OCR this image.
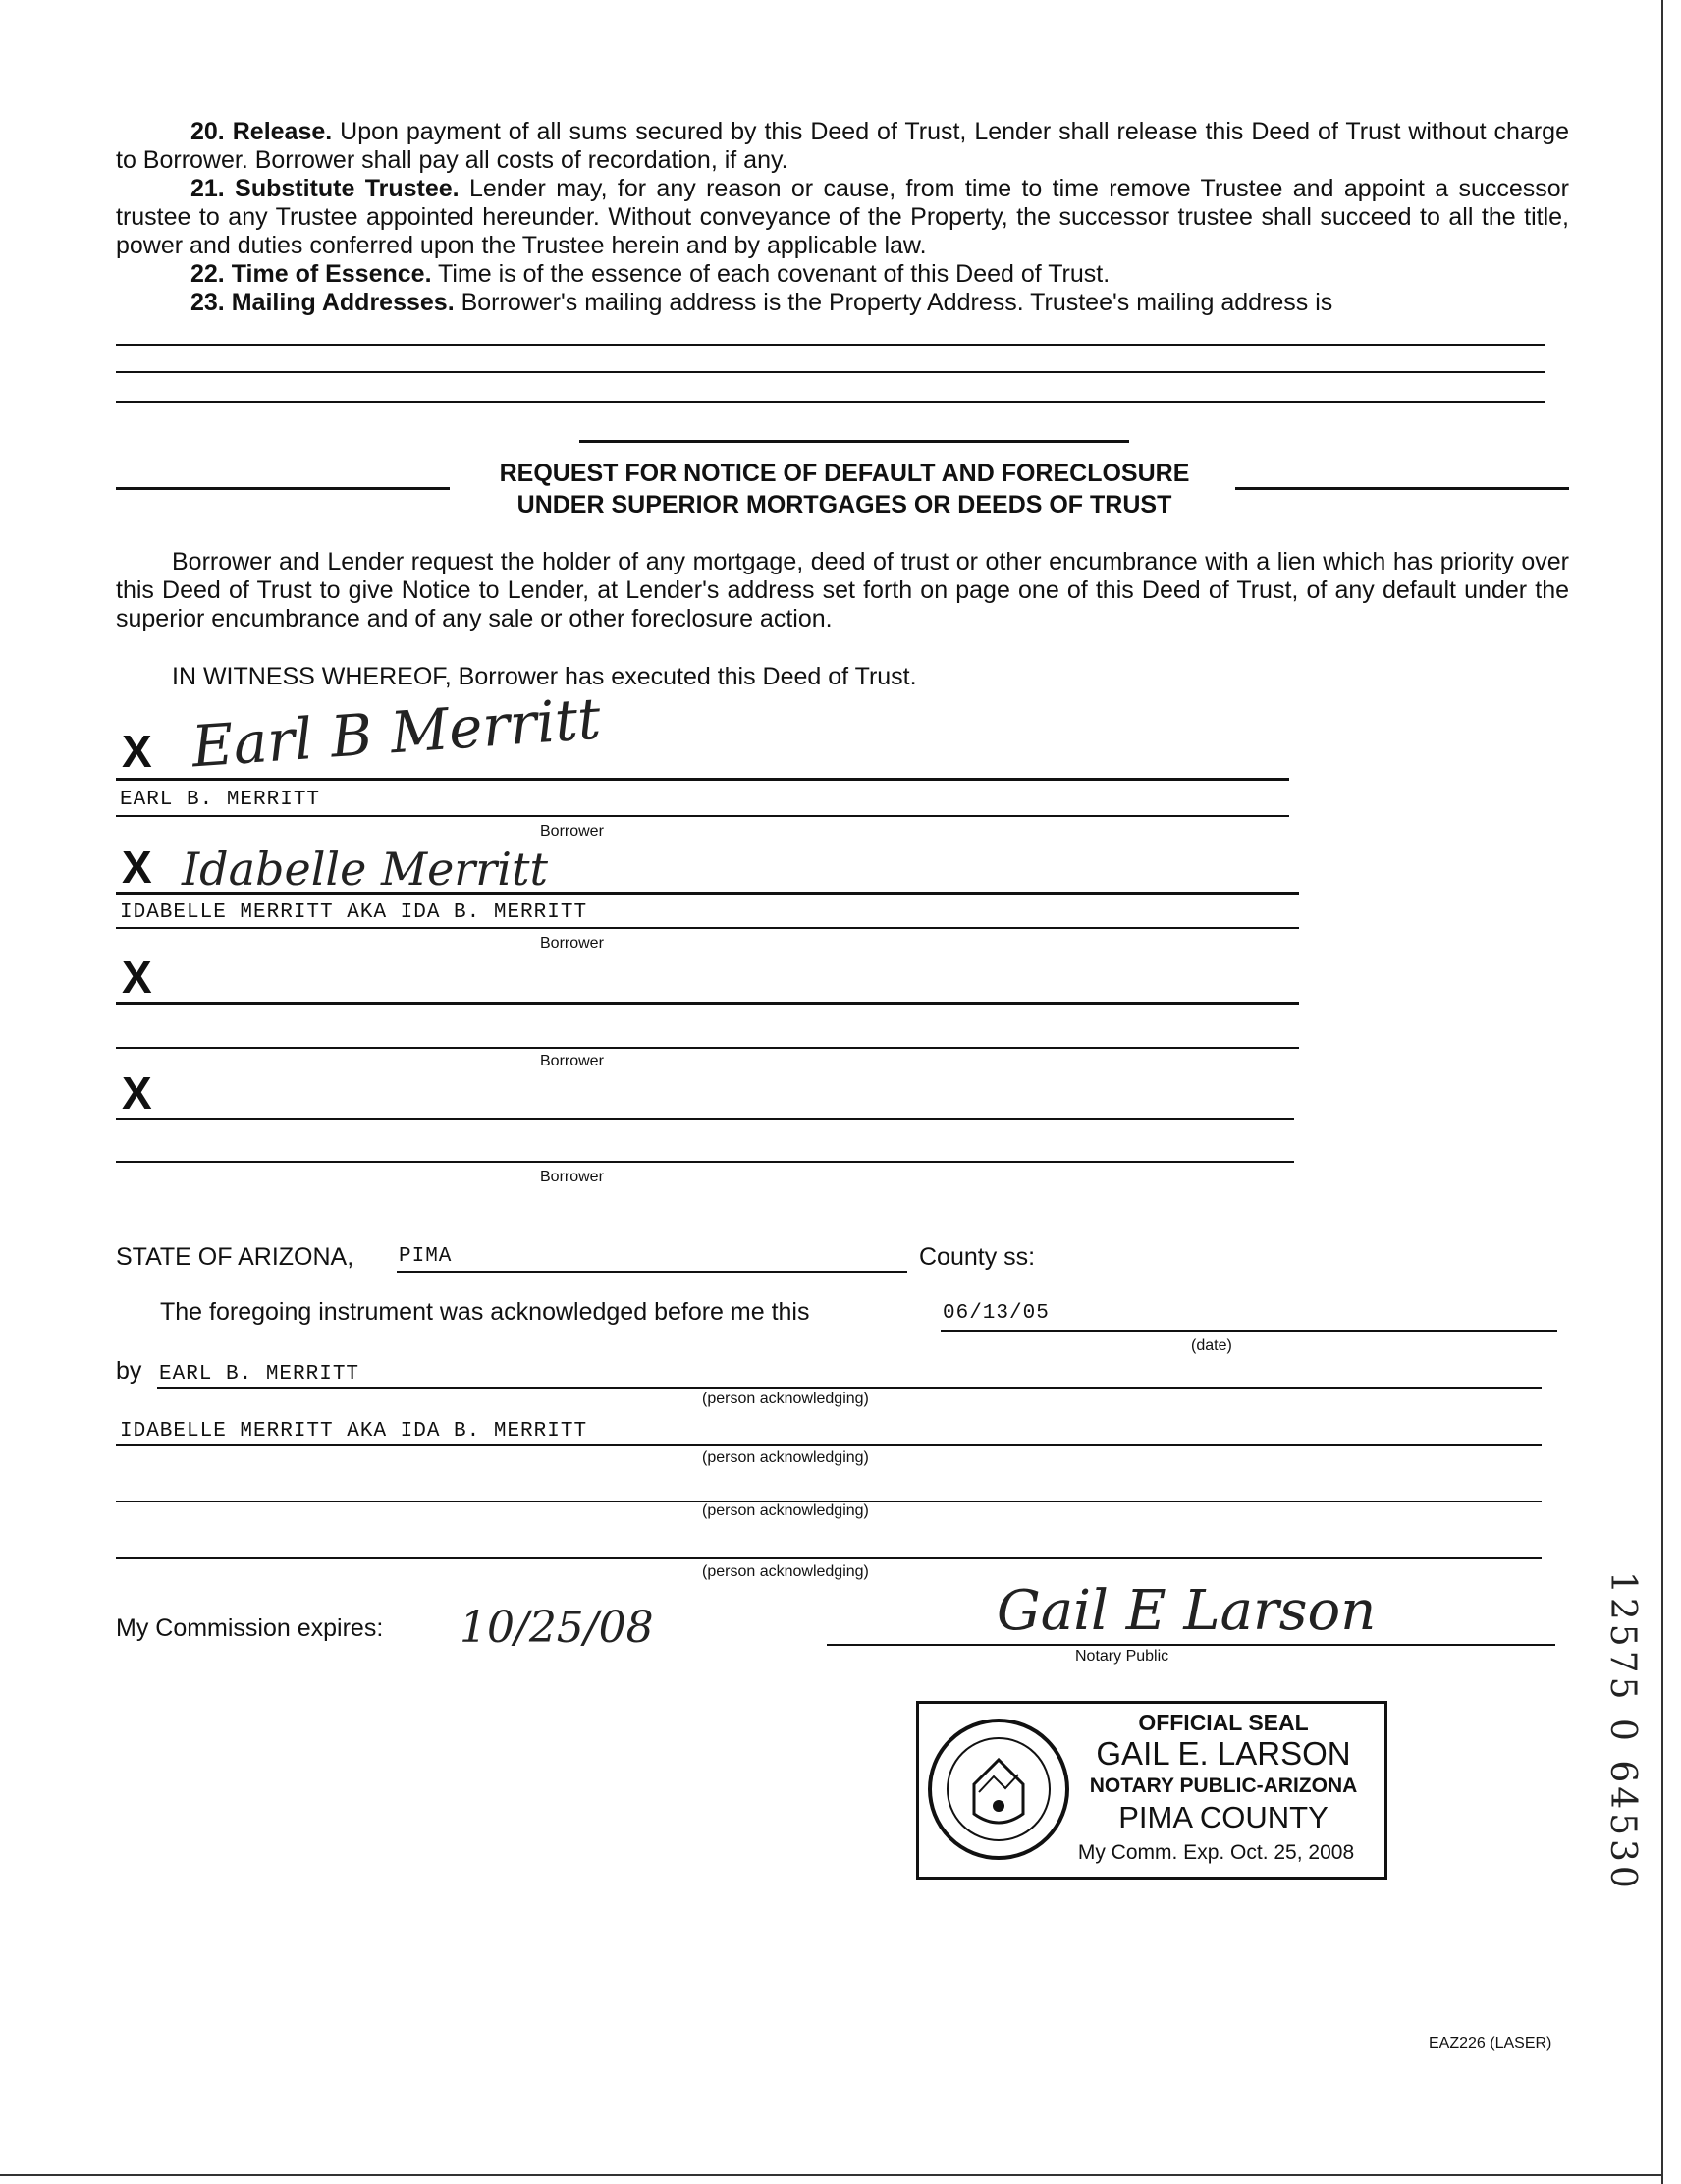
20. Release. Upon payment of all sums secured by this Deed of Trust, Lender shall release this Deed of Trust without charge to Borrower. Borrower shall pay all costs of recordation, if any.
21. Substitute Trustee. Lender may, for any reason or cause, from time to time remove Trustee and appoint a successor trustee to any Trustee appointed hereunder. Without conveyance of the Property, the successor trustee shall succeed to all the title, power and duties conferred upon the Trustee herein and by applicable law.
22. Time of Essence. Time is of the essence of each covenant of this Deed of Trust.
23. Mailing Addresses. Borrower's mailing address is the Property Address. Trustee's mailing address is
REQUEST FOR NOTICE OF DEFAULT AND FORECLOSURE
UNDER SUPERIOR MORTGAGES OR DEEDS OF TRUST
Borrower and Lender request the holder of any mortgage, deed of trust or other encumbrance with a lien which has priority over this Deed of Trust to give Notice to Lender, at Lender's address set forth on page one of this Deed of Trust, of any default under the superior encumbrance and of any sale or other foreclosure action.
IN WITNESS WHEREOF, Borrower has executed this Deed of Trust.
X Earl B Merritt
EARL B. MERRITT
Borrower
X Idabelle Merritt
IDABELLE MERRITT AKA IDA B. MERRITT
Borrower
X
Borrower
X
Borrower
STATE OF ARIZONA, PIMA	County ss:
The foregoing instrument was acknowledged before me this	06/13/05
(date)
by EARL B. MERRITT
(person acknowledging)
IDABELLE MERRITT AKA IDA B. MERRITT
(person acknowledging)
(person acknowledging)
(person acknowledging)
My Commission expires: 10/25/08	Gail E Larson
Notary Public
OFFICIAL SEAL
GAIL E. LARSON
NOTARY PUBLIC-ARIZONA
PIMA COUNTY
My Comm. Exp. Oct. 25, 2008	12575 0 64530
EAZ226 (LASER)
